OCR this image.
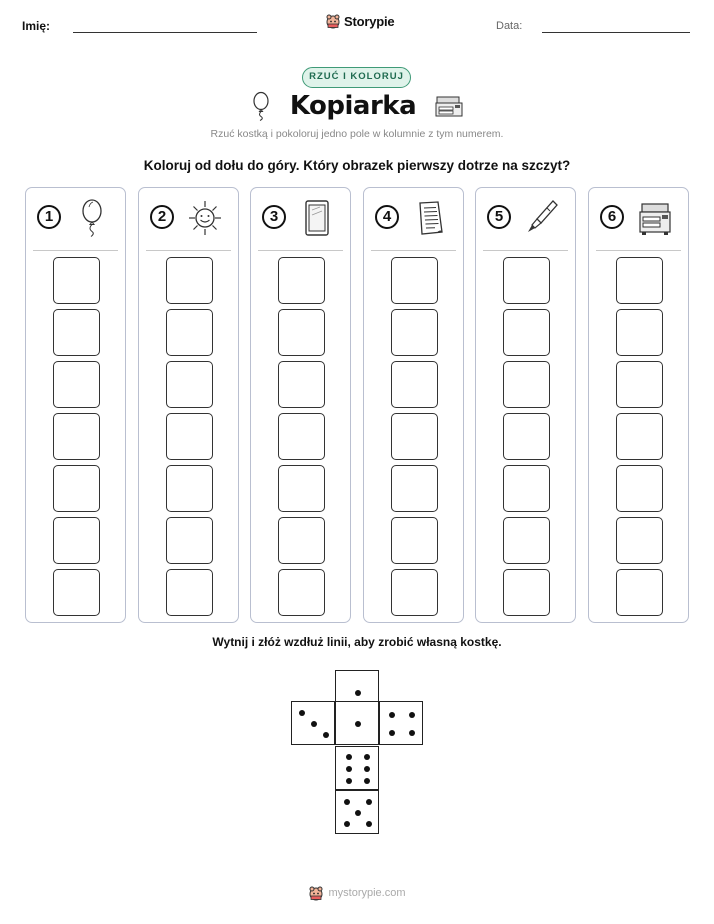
Imię:	Storypie	Data:
RZUĆ I KOLORUJ
Kopiarka
Rzuć kostką i pokoloruj jedno pole w kolumnie z tym numerem.
Koloruj od dołu do góry. Który obrazek pierwszy dotrze na szczyt?
1	2	3	4	5	6
Wytnij i złóż wzdłuż linii, aby zrobić własną kostkę.
mystorypie.com
